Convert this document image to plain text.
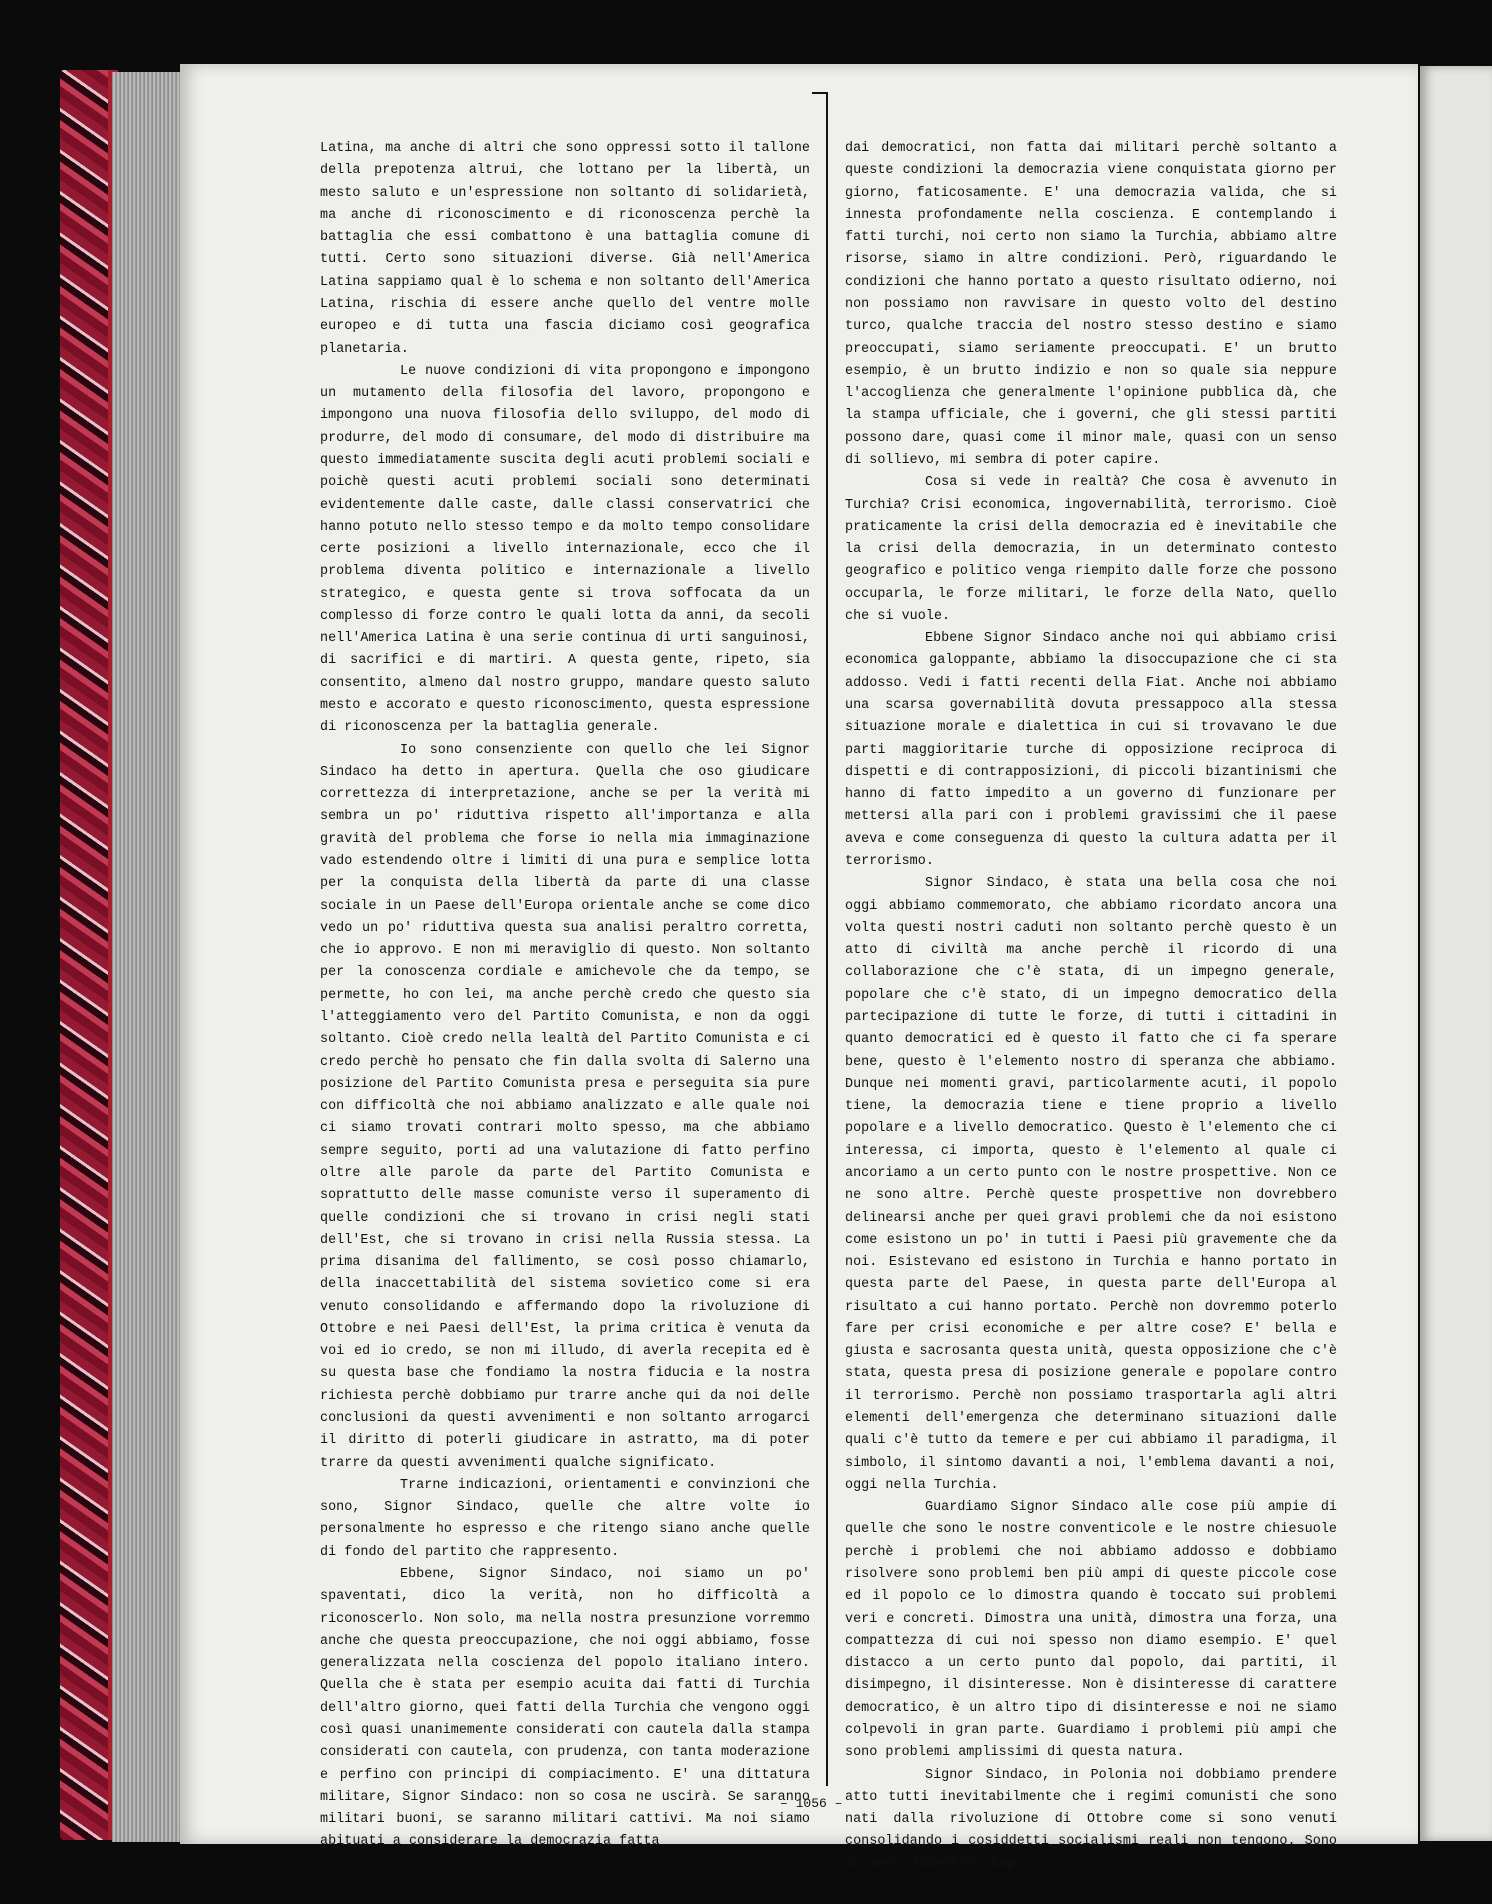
Latina, ma anche di altri che sono oppressi sotto il tallone della prepotenza altrui, che lottano per la libertà, un mesto saluto e un'espressione non soltanto di solidarietà, ma anche di riconoscimento e di riconoscenza perchè la battaglia che essi combattono è una battaglia comune di tutti. Certo sono situazioni diverse. Già nell'America Latina sappiamo qual è lo schema e non soltanto dell'America Latina, rischia di essere anche quello del ventre molle europeo e di tutta una fascia diciamo così geografica planetaria.

Le nuove condizioni di vita propongono e impongono un mutamento della filosofia del lavoro, propongono e impongono una nuova filosofia dello sviluppo, del modo di produrre, del modo di consumare, del modo di distribuire ma questo immediatamente suscita degli acuti problemi sociali e poichè questi acuti problemi sociali sono determinati evidentemente dalle caste, dalle classi conservatrici che hanno potuto nello stesso tempo e da molto tempo consolidare certe posizioni a livello internazionale, ecco che il problema diventa politico e internazionale a livello strategico, e questa gente si trova soffocata da un complesso di forze contro le quali lotta da anni, da secoli nell'America Latina è una serie continua di urti sanguinosi, di sacrifici e di martiri. A questa gente, ripeto, sia consentito, almeno dal nostro gruppo, mandare questo saluto mesto e accorato e questo riconoscimento, questa espressione di riconoscenza per la battaglia generale.

Io sono consenziente con quello che lei Signor Sindaco ha detto in apertura. Quella che oso giudicare correttezza di interpretazione, anche se per la verità mi sembra un po' riduttiva rispetto all'importanza e alla gravità del problema che forse io nella mia immaginazione vado estendendo oltre i limiti di una pura e semplice lotta per la conquista della libertà da parte di una classe sociale in un Paese dell'Europa orientale anche se come dico vedo un po' riduttiva questa sua analisi peraltro corretta, che io approvo. E non mi meraviglio di questo. Non soltanto per la conoscenza cordiale e amichevole che da tempo, se permette, ho con lei, ma anche perchè credo che questo sia l'atteggiamento vero del Partito Comunista, e non da oggi soltanto. Cioè credo nella lealtà del Partito Comunista e ci credo perchè ho pensato che fin dalla svolta di Salerno una posizione del Partito Comunista presa e perseguita sia pure con difficoltà che noi abbiamo analizzato e alle quale noi ci siamo trovati contrari molto spesso, ma che abbiamo sempre seguito, porti ad una valutazione di fatto perfino oltre alle parole da parte del Partito Comunista e soprattutto delle masse comuniste verso il superamento di quelle condizioni che si trovano in crisi negli stati dell'Est, che si trovano in crisi nella Russia stessa. La prima disanima del fallimento, se così posso chiamarlo, della inaccettabilità del sistema sovietico come si era venuto consolidando e affermando dopo la rivoluzione di Ottobre e nei Paesi dell'Est, la prima critica è venuta da voi ed io credo, se non mi illudo, di averla recepita ed è su questa base che fondiamo la nostra fiducia e la nostra richiesta perchè dobbiamo pur trarre anche qui da noi delle conclusioni da questi avvenimenti e non soltanto arrogarci il diritto di poterli giudicare in astratto, ma di poter trarre da questi avvenimenti qualche significato.

Trarne indicazioni, orientamenti e convinzioni che sono, Signor Sindaco, quelle che altre volte io personalmente ho espresso e che ritengo siano anche quelle di fondo del partito che rappresento.

Ebbene, Signor Sindaco, noi siamo un po' spaventati, dico la verità, non ho difficoltà a riconoscerlo. Non solo, ma nella nostra presunzione vorremmo anche che questa preoccupazione, che noi oggi abbiamo, fosse generalizzata nella coscienza del popolo italiano intero. Quella che è stata per esempio acuita dai fatti di Turchia dell'altro giorno, quei fatti della Turchia che vengono oggi così quasi unanimemente considerati con cautela dalla stampa considerati con cautela, con prudenza, con tanta moderazione e perfino con principi di compiacimento. E' una dittatura militare, Signor Sindaco: non so cosa ne uscirà. Se saranno militari buoni, se saranno militari cattivi. Ma noi siamo abituati a considerare la democrazia fatta

dai democratici, non fatta dai militari perchè soltanto a queste condizioni la democrazia viene conquistata giorno per giorno, faticosamente. E' una democrazia valida, che si innesta profondamente nella coscienza. E contemplando i fatti turchi, noi certo non siamo la Turchia, abbiamo altre risorse, siamo in altre condizioni. Però, riguardando le condizioni che hanno portato a questo risultato odierno, noi non possiamo non ravvisare in questo volto del destino turco, qualche traccia del nostro stesso destino e siamo preoccupati, siamo seriamente preoccupati. E' un brutto esempio, è un brutto indizio e non so quale sia neppure l'accoglienza che generalmente l'opinione pubblica dà, che la stampa ufficiale, che i governi, che gli stessi partiti possono dare, quasi come il minor male, quasi con un senso di sollievo, mi sembra di poter capire.

Cosa si vede in realtà? Che cosa è avvenuto in Turchia? Crisi economica, ingovernabilità, terrorismo. Cioè praticamente la crisi della democrazia ed è inevitabile che la crisi della democrazia, in un determinato contesto geografico e politico venga riempito dalle forze che possono occuparla, le forze militari, le forze della Nato, quello che si vuole.

Ebbene Signor Sindaco anche noi qui abbiamo crisi economica galoppante, abbiamo la disoccupazione che ci sta addosso. Vedi i fatti recenti della Fiat. Anche noi abbiamo una scarsa governabilità dovuta pressappoco alla stessa situazione morale e dialettica in cui si trovavano le due parti maggioritarie turche di opposizione reciproca di dispetti e di contrapposizioni, di piccoli bizantinismi che hanno di fatto impedito a un governo di funzionare per mettersi alla pari con i problemi gravissimi che il paese aveva e come conseguenza di questo la cultura adatta per il terrorismo.

Signor Sindaco, è stata una bella cosa che noi oggi abbiamo commemorato, che abbiamo ricordato ancora una volta questi nostri caduti non soltanto perchè questo è un atto di civiltà ma anche perchè il ricordo di una collaborazione che c'è stata, di un impegno generale, popolare che c'è stato, di un impegno democratico della partecipazione di tutte le forze, di tutti i cittadini in quanto democratici ed è questo il fatto che ci fa sperare bene, questo è l'elemento nostro di speranza che abbiamo. Dunque nei momenti gravi, particolarmente acuti, il popolo tiene, la democrazia tiene e tiene proprio a livello popolare e a livello democratico. Questo è l'elemento che ci interessa, ci importa, questo è l'elemento al quale ci ancoriamo a un certo punto con le nostre prospettive. Non ce ne sono altre. Perchè queste prospettive non dovrebbero delinearsi anche per quei gravi problemi che da noi esistono come esistono un po' in tutti i Paesi più gravemente che da noi. Esistevano ed esistono in Turchia e hanno portato in questa parte del Paese, in questa parte dell'Europa al risultato a cui hanno portato. Perchè non dovremmo poterlo fare per crisi economiche e per altre cose? E' bella e giusta e sacrosanta questa unità, questa opposizione che c'è stata, questa presa di posizione generale e popolare contro il terrorismo. Perchè non possiamo trasportarla agli altri elementi dell'emergenza che determinano situazioni dalle quali c'è tutto da temere e per cui abbiamo il paradigma, il simbolo, il sintomo davanti a noi, l'emblema davanti a noi, oggi nella Turchia.

Guardiamo Signor Sindaco alle cose più ampie di quelle che sono le nostre conventicole e le nostre chiesuole perchè i problemi che noi abbiamo addosso e dobbiamo risolvere sono problemi ben più ampi di queste piccole cose ed il popolo ce lo dimostra quando è toccato sui problemi veri e concreti. Dimostra una unità, dimostra una forza, una compattezza di cui noi spesso non diamo esempio. E' quel distacco a un certo punto dal popolo, dai partiti, il disimpegno, il disinteresse. Non è disinteresse di carattere democratico, è un altro tipo di disinteresse e noi ne siamo colpevoli in gran parte. Guardiamo i problemi più ampi che sono problemi amplissimi di questa natura.

Signor Sindaco, in Polonia noi dobbiamo prendere atto tutti inevitabilmente che i regimi comunisti che sono nati dalla rivoluzione di Ottobre come si sono venuti consolidando i cosiddetti socialismi reali non tengono. Sono un vero disastro. Rap-

– 1056 –
